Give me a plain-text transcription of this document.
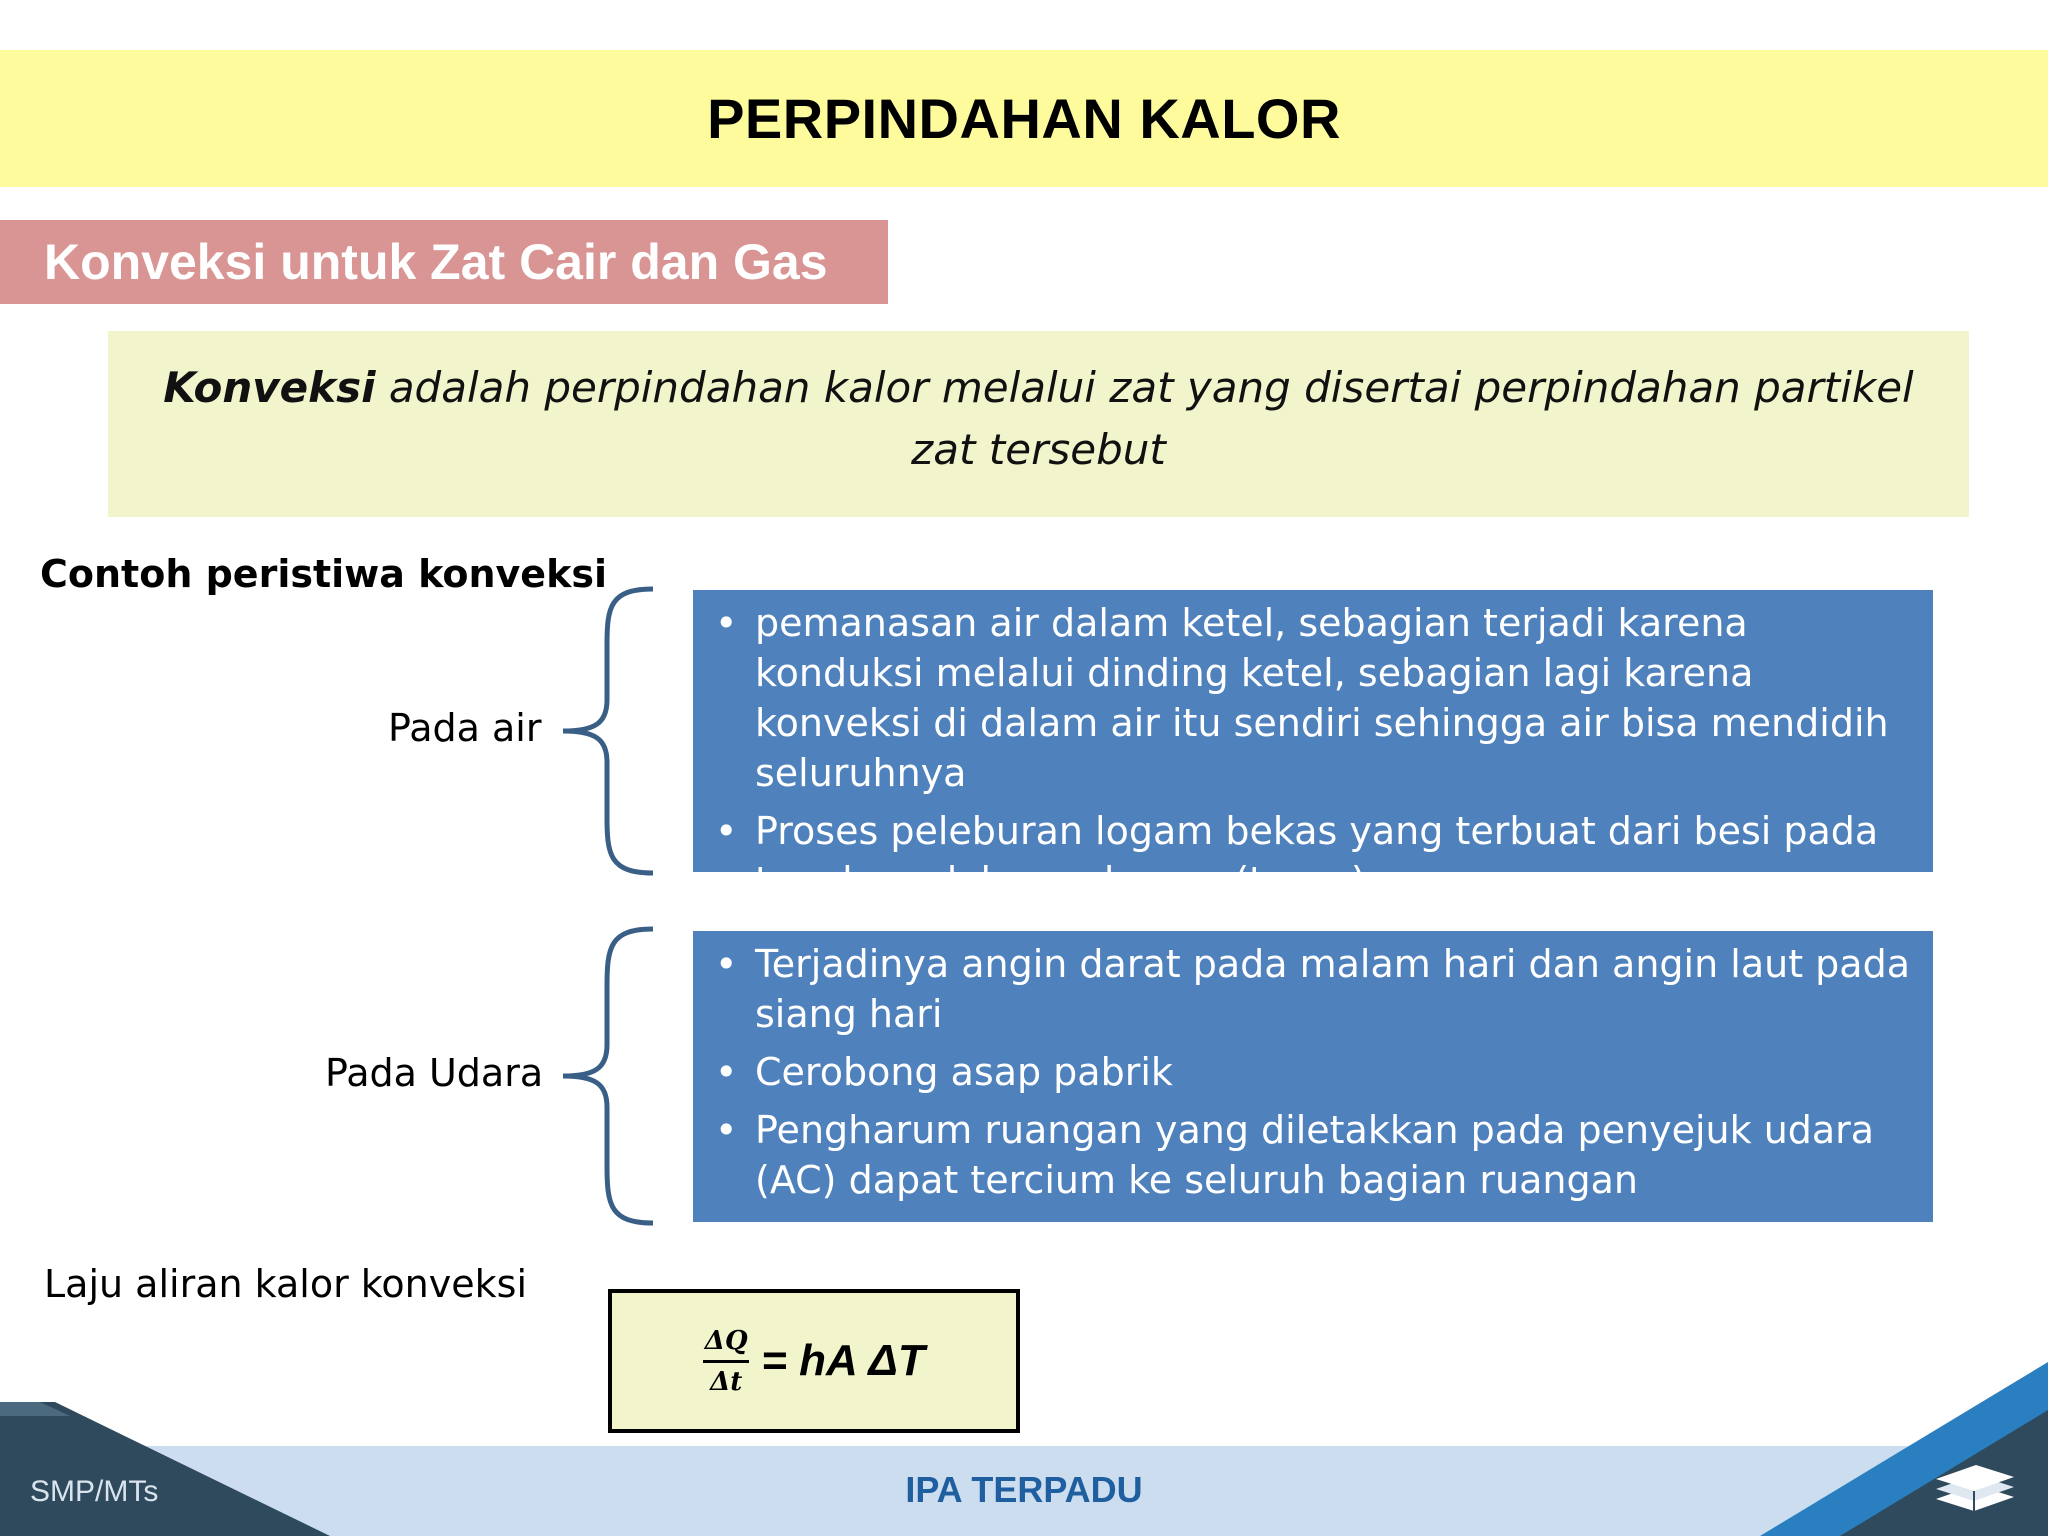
PERPINDAHAN KALOR
Konveksi untuk Zat Cair dan Gas
Konveksi adalah perpindahan kalor melalui zat yang disertai perpindahan partikel zat tersebut
Contoh peristiwa konveksi
Pada air
• pemanasan air dalam ketel, sebagian terjadi karena konduksi melalui dinding ketel, sebagian lagi karena konveksi di dalam air itu sendiri sehingga air bisa mendidih seluruhnya
• Proses peleburan logam bekas yang terbuat dari besi pada tungku peleburan logam (tanur)
Pada Udara
• Terjadinya angin darat pada malam hari dan angin laut pada siang hari
• Cerobong asap pabrik
• Pengharum ruangan yang diletakkan pada penyejuk udara (AC) dapat tercium ke seluruh bagian ruangan
Laju aliran kalor konveksi
$\frac{\Delta Q}{\Delta t}$ = hA ΔT
SMP/MTs	IPA TERPADU
